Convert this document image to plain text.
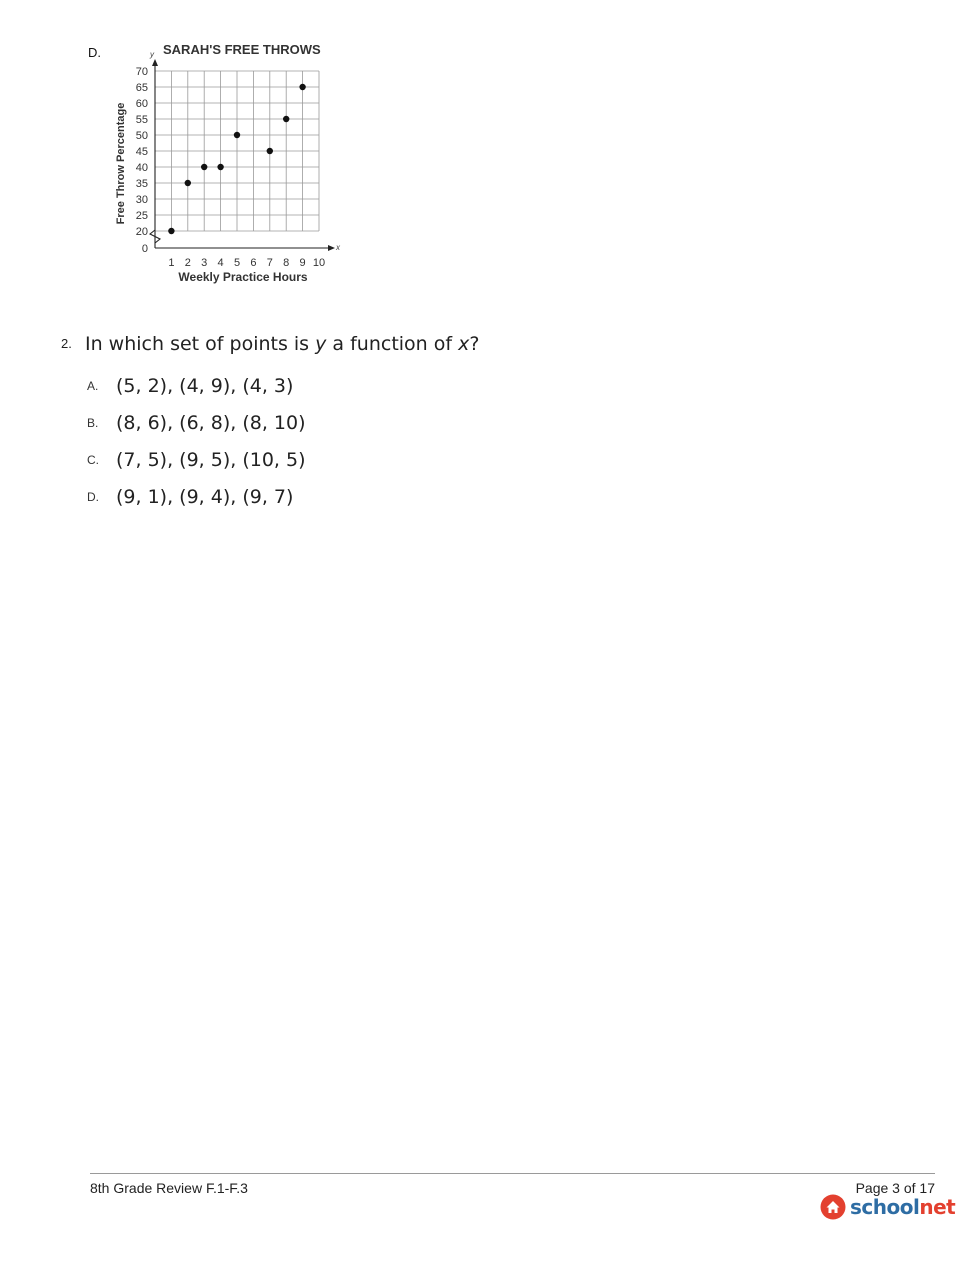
D.
20
25
30
35
40
45
50
55
60
65
70
1 2 3 4 5 6 7 8 9 10
0	x
y SARAH'S FREE THROWS
Weekly Practice Hours
Free Throw Percentage
2. In which set of points is y a function of x?
A. (5, 2), (4, 9), (4, 3)
B. (8, 6), (6, 8), (8, 10)
C. (7, 5), (9, 5), (10, 5)
D. (9, 1), (9, 4), (9, 7)
8th Grade Review F.1-F.3	Page 3 of 17
schoolnet
